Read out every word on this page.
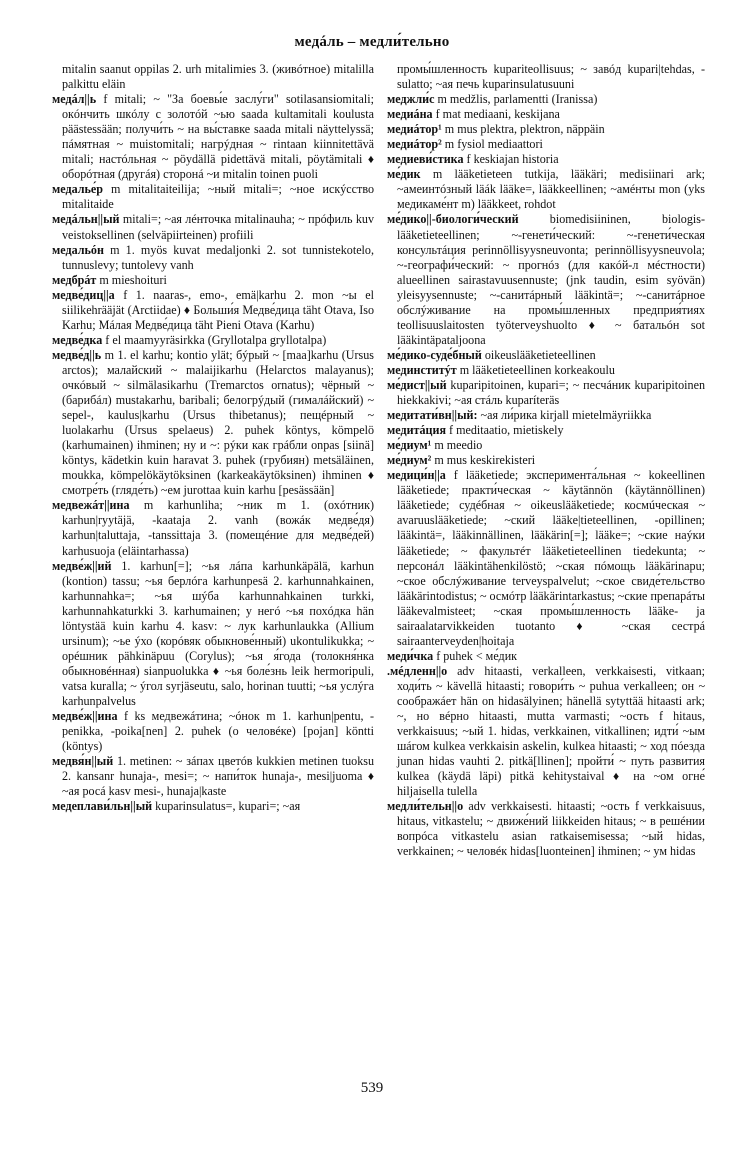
медáль – медли́тельно

mitalin saanut oppilas 2. urh mitalimies 3. (живóтное) mitalilla palkittu eläin

медáл||ь f mitali; ~ "За боевы́е заслу́ги" sotilasansiomitali; окóнчить шкóлу с золотóй ~ью saada kultamitali koulusta päästessään; получи́ть ~ на вы́ставке saada mitali näyttelyssä; пáмятная ~ muistomitali; нагрýдная ~ rintaan kiinnitettävä mitali; настóльная ~ pöydällä pidettävä mitali, pöytämitali ♦ оборóтная (другáя) сторонá ~и mitalin toinen puoli

медалье́р m mitalitaiteilija; ~ный mitali=; ~ное искýсство mitalitaide

медáльн||ый mitali=; ~ая лéнточка mitalinauha; ~ прóфиль kuv veistoksellinen (selväpiirteinen) profiili

медальóн m 1. myös kuvat medaljonki 2. sot tunnistekotelo, tunnuslevy; tuntolevy vanh

медбрáт m mieshoituri

медве́диц||а f 1. naaras-, emo-, emä|karhu 2. mon ~ы el siilikehrääjät (Arctiidae) ♦ Больши́я Медве́дица täht Otava, Iso Karhu; Мáлая Медве́дица täht Pieni Otava (Karhu)

медве́дка f el maamyyräsirkka (Gryllotalpa gryllotalpa)

медве́д||ь m 1. el karhu; kontio ylät; бýрый ~ [maa]karhu (Ursus arctos); малайский ~ malaijikarhu (Helarctos malayanus); очкóвый ~ silmälasikarhu (Tremarctos ornatus); чёрный ~ (барибáл) mustakarhu, baribali; белогрýдый (гималáйский) ~ sepel-, kaulus|karhu (Ursus thibetanus); пещéрный ~ luolakarhu (Ursus spelaeus) 2. puhek köntys, kömpelö (karhumainen) ihminen; ну и ~: рýки как грáбли onpas [siinä] köntys, kädetkin kuin haravat 3. puhek (грубиян) metsäläinen, moukka, kömpelökäytöksinen (karkeakäytöksinen) ihminen ♦ смотре́ть (гляде́ть) ~ем jurottaa kuin karhu [pesässään]

медвежáт||ина m karhunliha; ~ник m 1. (охóтник) karhun|ryytäjä, -kaataja 2. vanh (вожáк медве́дя) karhun|taluttaja, -tanssittaja 3. (помещéние для медве́дей) karhusuoja (eläintarhassa)

медве́ж||ий 1. karhun[=]; ~ья лáпа karhunkäpälä, karhun (kontion) tassu; ~ья берлóга karhunpesä 2. karhunnahkainen, karhunnahka=; ~ья шýба karhunnahkainen turkki, karhunnahkaturkki 3. karhumainen; у негó ~ья похóдка hän löntystää kuin karhu 4. kasv: ~ лук karhunlaukka (Allium ursinum); ~ье ýхо (корóвяк обыкнове́нный) ukontulikukka; ~ орéшник pähkinäpuu (Corylus); ~ья я́года (толокня́нка обыкновéнная) sianpuolukka ♦ ~ья боле́знь leik hermoripuli, vatsa kuralla; ~ ýгол syrjäseutu, salo, horinan tuutti; ~ья услýга karhunpalvelus

медве́ж||ина f ks медвежáтина; ~óнок m 1. karhun|pentu, -penikka, -poika[nen] 2. puhek (о человéке) [pojan] köntti (köntys)

медвя́н||ый 1. metinen: ~ зáпах цветóв kukkien metinen tuoksu 2. kansanr hunaja-, mesi=; ~ напи́ток hunaja-, mesi|juoma ♦ ~ая росá kasv mesi-, hunaja|kaste

медеплави́льн||ый kuparinsulatus=, kupari=; ~ая

промы́шленность kupariteollisuus; ~ завóд kupari|tehdas, -sulatto; ~ая печь kuparinsulatusuuni

меджли́с m medžlis, parlamentti (Iranissa)

медиáна f mat mediaani, keskijana

медиáтор¹ m mus plektra, plektron, näppäin

медиáтор² m fysiol mediaattori

медиеви́стика f keskiajan historia

ме́дик m lääketieteen tutkija, lääkäri; medisiinari ark; ~амеинтóзный läák lääke=, lääkkeellinen; ~амéнты mon (yks медикаме́нт m) lääkkeet, rohdot

ме́дико||-биологи́ческий biomedisiininen, biologis-lääketieteellinen; ~-генети́ческий: ~-генети́ческая консультáция perinnöllisyysneuvonta; perinnöllisyysneuvola; ~-географи́ческий: ~ прогнóз (для какóй-л мéстности) alueellinen sairastavuusennuste; (jnk taudin, esim syövän) yleisyysennuste; ~-санитáрный lääkintä=; ~-санитáрное обслýживание на промы́шленных предприя́тиях teollisuuslaitosten työterveyshuolto ♦ ~ батальóн sot lääkintäpataljoona

ме́дико-суде́бный oikeuslääketieteellinen

мединститýт m lääketieteellinen korkeakoulu

ме́дист||ый kuparipitoinen, kupari=; ~ песчáник kuparipitoinen hiekkakivi; ~ая стáль kuparíteräs

медитати́вн||ый: ~ая ли́рика kirjall mietelmäyriikka

медитáция f meditaatio, mietiskely

ме́диум¹ m meedio

ме́диум² m mus keskirekisteri

медици́н||а f lääketiede; эксперимента́льная ~ kokeellinen lääketiede; практи́ческая ~ käytännön (käytännöllinen) lääketiede; судéбная ~ oikeuslääketiede; космúческая ~ avaruuslääketiede; ~ский lääke|tieteellinen, -opillinen; lääkintä=, lääkinnällinen, lääkärin[=]; lääke=; ~ские наýки lääketiede; ~ факультéт lääketieteellinen tiedekunta; ~ персонáл lääkintähenkilöstö; ~ская пóмощь lääkärinapu; ~ское обслýживание terveyspalvelut; ~ское свиде́тельство lääkärintodistus; ~ осмóтр lääkärintarkastus; ~ские препарáты lääkevalmisteet; ~ская промы́шленность lääke- ja sairaalatarvikkeiden tuotanto ♦ ~ская сестрá sairaanterveyden|hoitaja

меди́чка f puhek < ме́дик

.мéдленн||о adv hitaasti, verkalleen, verkkaisesti, vitkaan; ходи́ть ~ kävellä hitaasti; говори́ть ~ puhua verkalleen; он ~ соображáет hän on hidasälyinen; hänellä sytyttää hitaasti ark; ~, но вéрно hitaasti, mutta varmasti; ~ость f hitaus, verkkaisuus; ~ый 1. hidas, verkkainen, vitkallinen; идти́ ~ым шáгом kulkea verkkaisin askelin, kulkea hitaasti; ~ ход пóезда junan hidas vauhti 2. pitkä[llinen]; пройти́ ~ путь развития kulkea (käydä läpi) pitkä kehitystaival ♦ на ~ом огне́ hiljaisella tulella

медли́тельн||о adv verkkaisesti. hitaasti; ~ость f verkkaisuus, hitaus, vitkastelu; ~ движе́ний liikkeiden hitaus; ~ в решéнии вопрóса vitkastelu asian ratkaisemisessa; ~ый hidas, verkkainen; ~ человéк hidas[luonteinen] ihminen; ~ ум hidas

539
